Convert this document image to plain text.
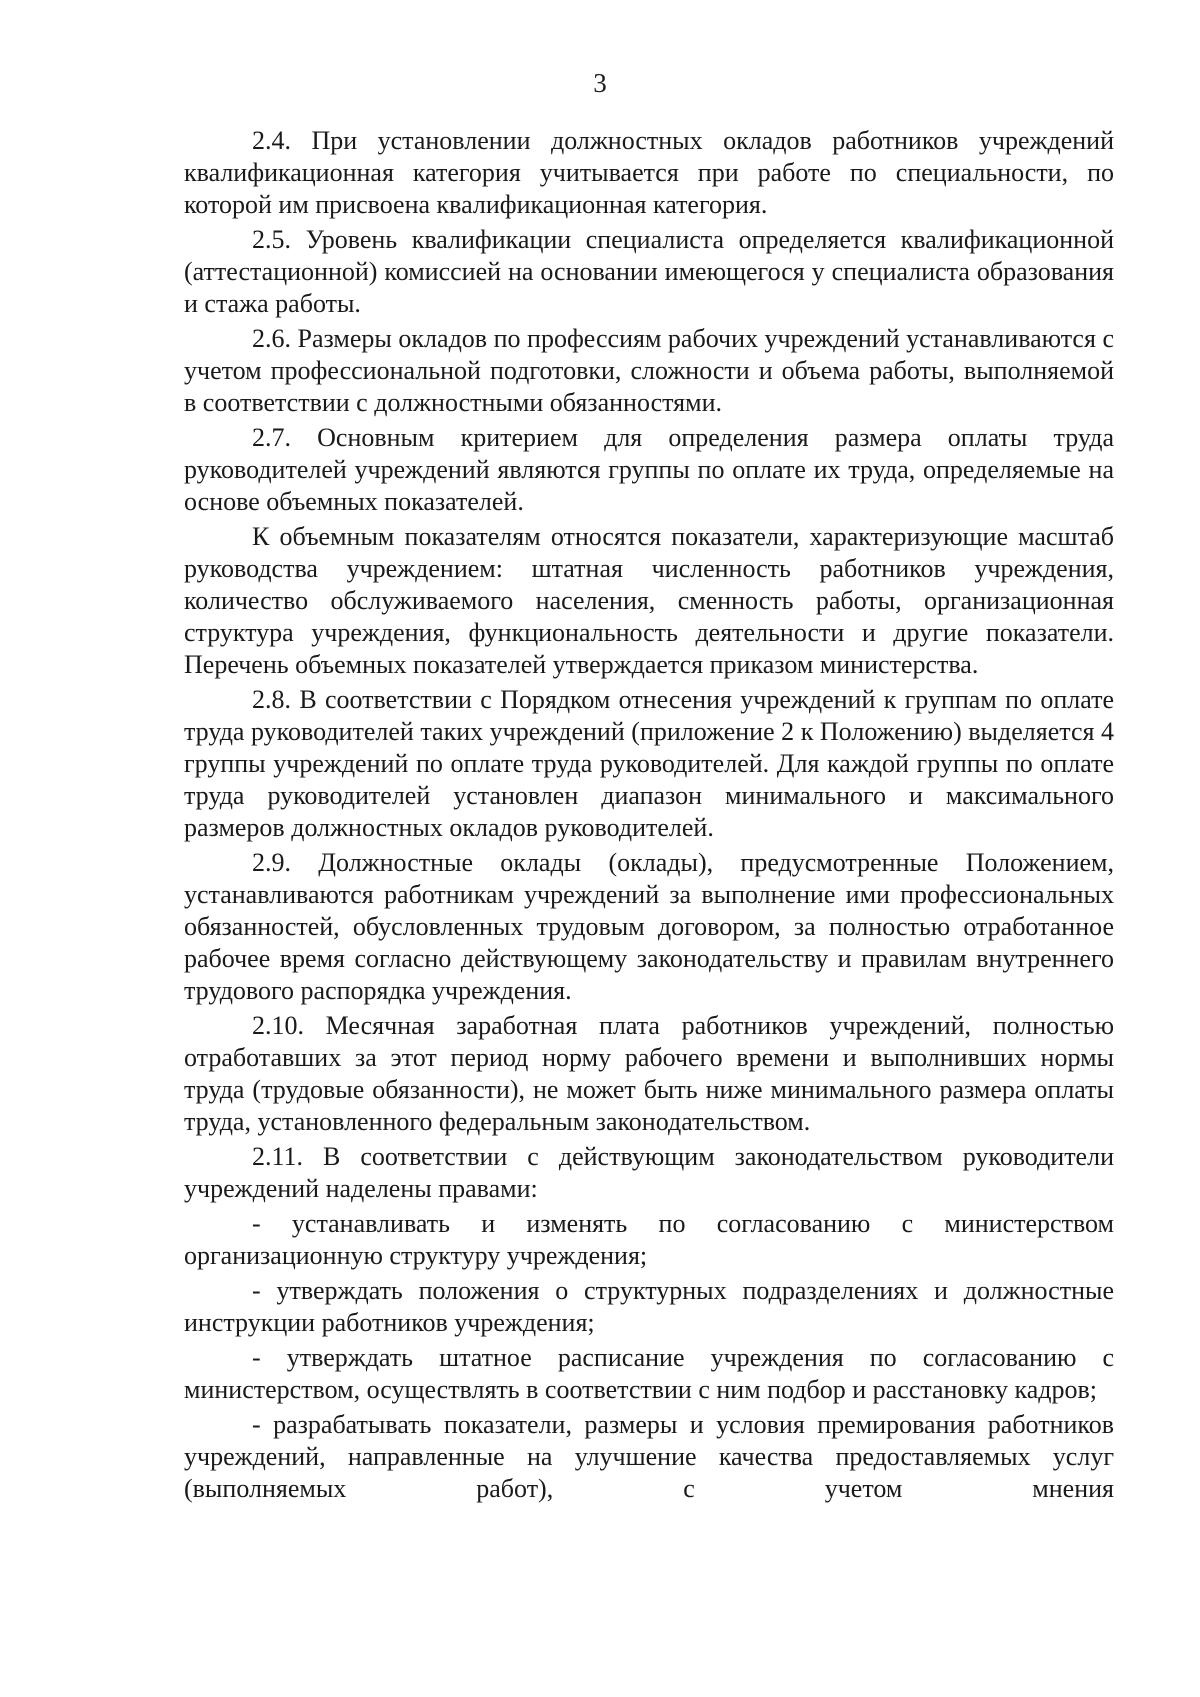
3

2.4. При установлении должностных окладов работников учреждений квалификационная категория учитывается при работе по специальности, по которой им присвоена квалификационная категория.

2.5. Уровень квалификации специалиста определяется квалификационной (аттестационной) комиссией на основании имеющегося у специалиста образования и стажа работы.

2.6. Размеры окладов по профессиям рабочих учреждений устанавливаются с учетом профессиональной подготовки, сложности и объема работы, выполняемой в соответствии с должностными обязанностями.

2.7. Основным критерием для определения размера оплаты труда руководителей учреждений являются группы по оплате их труда, определяемые на основе объемных показателей.

К объемным показателям относятся показатели, характеризующие масштаб руководства учреждением: штатная численность работников учреждения, количество обслуживаемого населения, сменность работы, организационная структура учреждения, функциональность деятельности и другие показатели. Перечень объемных показателей утверждается приказом министерства.

2.8. В соответствии с Порядком отнесения учреждений к группам по оплате труда руководителей таких учреждений (приложение 2 к Положению) выделяется 4 группы учреждений по оплате труда руководителей. Для каждой группы по оплате труда руководителей установлен диапазон минимального и максимального размеров должностных окладов руководителей.

2.9. Должностные оклады (оклады), предусмотренные Положением, устанавливаются работникам учреждений за выполнение ими профессиональных обязанностей, обусловленных трудовым договором, за полностью отработанное рабочее время согласно действующему законодательству и правилам внутреннего трудового распорядка учреждения.

2.10. Месячная заработная плата работников учреждений, полностью отработавших за этот период норму рабочего времени и выполнивших нормы труда (трудовые обязанности), не может быть ниже минимального размера оплаты труда, установленного федеральным законодательством.

2.11. В соответствии с действующим законодательством руководители учреждений наделены правами:

- устанавливать и изменять по согласованию с министерством организационную структуру учреждения;

- утверждать положения о структурных подразделениях и должностные инструкции работников учреждения;

- утверждать штатное расписание учреждения по согласованию с министерством, осуществлять в соответствии с ним подбор и расстановку кадров;

- разрабатывать показатели, размеры и условия премирования работников учреждений, направленные на улучшение качества предоставляемых услуг (выполняемых работ), с учетом мнения
